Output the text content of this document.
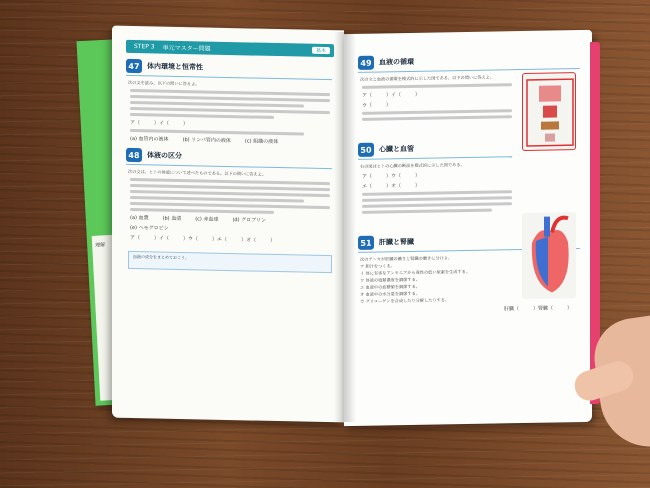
理解
STEP 3 単元マスター問題	基本
47	体内環境と恒常性

次の文を読み、以下の問いに答えよ。

ア（	）イ（	）
(a) 血管内の液体	(b) リンパ管内の液体	(c) 組織の液体
48	体液の区分

次の文は、ヒトの体液について述べたものである。以下の問いに答えよ。

(a) 血漿	(b) 血清	(c) 赤血球	(d) グロブリン
(e) ヘモグロビン
ア（	）イ（	）ウ（	）エ（	）オ（	）
血液の成分をまとめておこう。
49	血液の循環

次の文と血液の循環を模式的に示した図である。以下の問いに答えよ。

ア（	）イ（	）
ウ（	）
50	心臓と血管

右の図はヒトの心臓の断面を模式的に示した図である。

ア（	）ウ（	）
エ（	）オ（	）
51	肝臓と腎臓

次のア〜カが肝臓の働きと腎臓の働きに分けよ。

ア 胆汁をつくる。

イ 体に有害なアンモニアから毒性の低い尿素を生成する。

ウ 体液の塩類濃度を調節する。

エ 血液中の血糖値を調節する。

オ 血液中の水分量を調節する。

カ グリコーゲンを合成したり分解したりする。

肝臓（	）腎臓（	）
